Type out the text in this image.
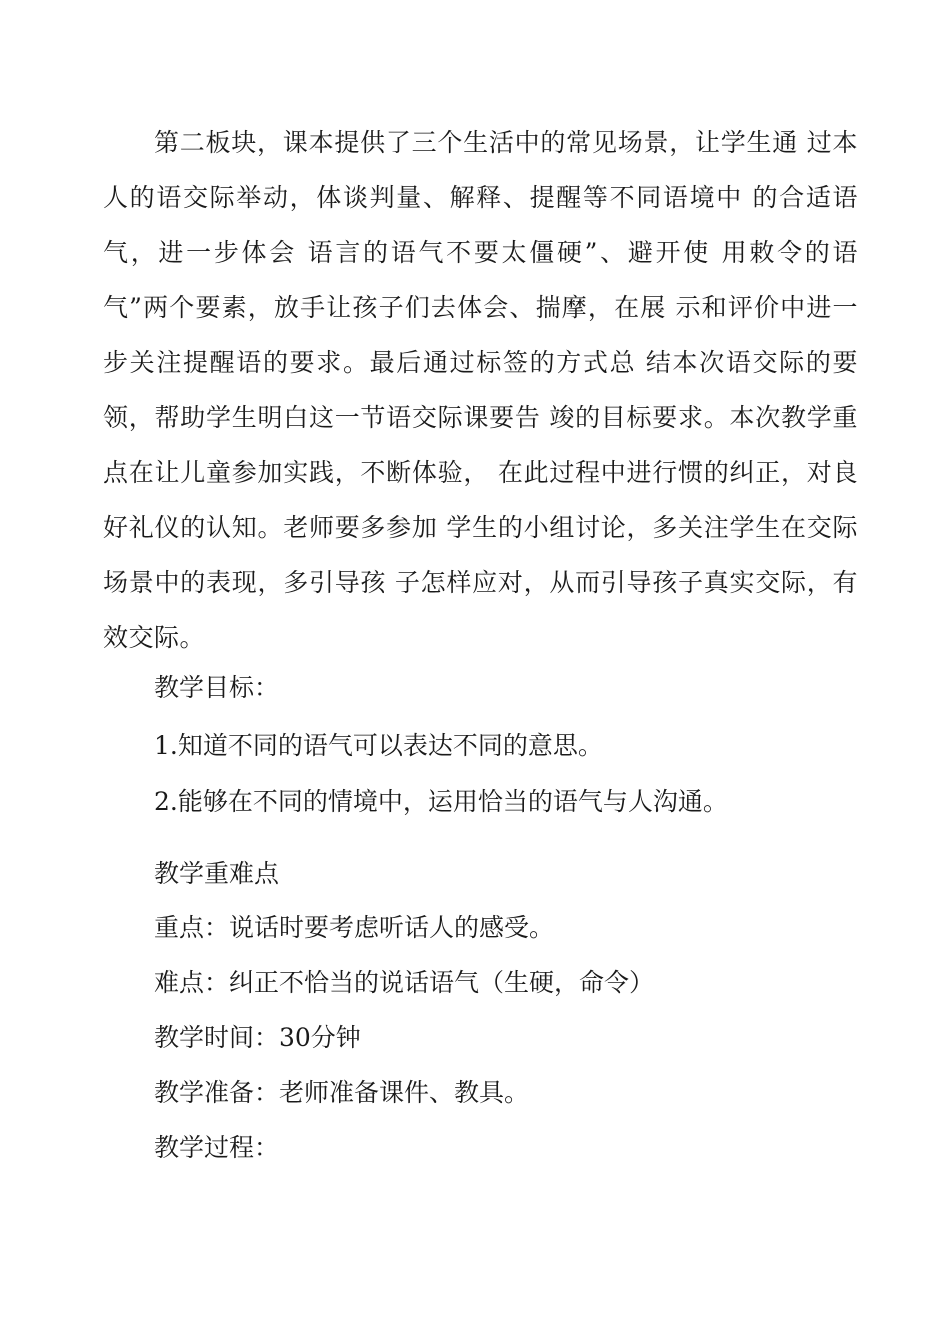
第二板块，课本提供了三个生活中的常见场景，让学生通 过本人的语交际举动，体谈判量、解释、提醒等不同语境中 的合适语气，进一步体会 语言的语气不要太僵硬”、避开使 用敕令的语气”两个要素，放手让孩子们去体会、揣摩，在展 示和评价中进一步关注提醒语的要求。最后通过标签的方式总 结本次语交际的要领，帮助学生明白这一节语交际课要告 竣的目标要求。本次教学重点在让儿童参加实践，不断体验， 在此过程中进行惯的纠正，对良好礼仪的认知。老师要多参加 学生的小组讨论，多关注学生在交际场景中的表现，多引导孩 子怎样应对，从而引导孩子真实交际，有效交际。

教学目标：

1.知道不同的语气可以表达不同的意思。

2.能够在不同的情境中，运用恰当的语气与人沟通。

教学重难点

重点：说话时要考虑听话人的感受。

难点：纠正不恰当的说话语气（生硬，命令）

教学时间：30分钟

教学准备：老师准备课件、教具。

教学过程：
